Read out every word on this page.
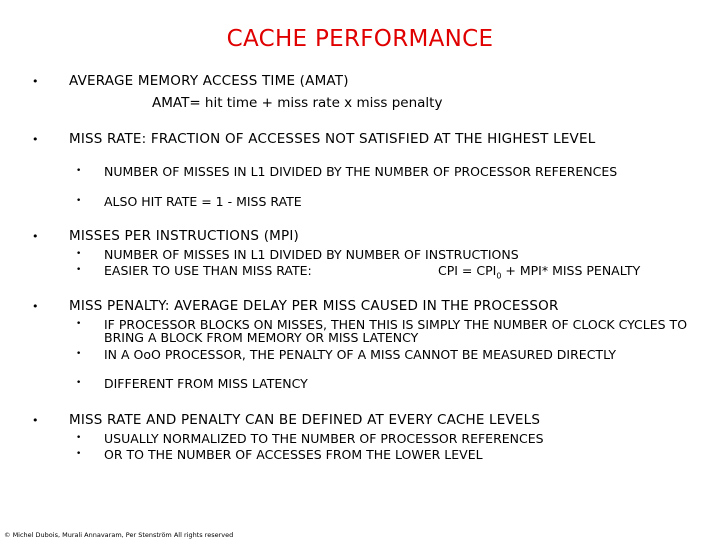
CACHE PERFORMANCE
• AVERAGE MEMORY ACCESS TIME (AMAT)
AMAT= hit time + miss rate x miss penalty
• MISS RATE: FRACTION OF ACCESSES NOT SATISFIED AT THE HIGHEST LEVEL
• NUMBER OF MISSES IN L1 DIVIDED BY THE NUMBER OF PROCESSOR REFERENCES
• ALSO HIT RATE = 1 - MISS RATE
• MISSES PER INSTRUCTIONS (MPI)
• NUMBER OF MISSES IN L1 DIVIDED BY NUMBER OF INSTRUCTIONS
• EASIER TO USE THAN MISS RATE:	CPI = $CPI_0 + MPI*$ MISS PENALTY
• MISS PENALTY: AVERAGE DELAY PER MISS CAUSED IN THE PROCESSOR
• IF PROCESSOR BLOCKS ON MISSES, THEN THIS IS SIMPLY THE NUMBER OF CLOCK CYCLES TO BRING A BLOCK FROM MEMORY OR MISS LATENCY
• IN A OoO PROCESSOR, THE PENALTY OF A MISS CANNOT BE MEASURED DIRECTLY
• DIFFERENT FROM MISS LATENCY
• MISS RATE AND PENALTY CAN BE DEFINED AT EVERY CACHE LEVELS
• USUALLY NORMALIZED TO THE NUMBER OF PROCESSOR REFERENCES
• OR TO THE NUMBER OF ACCESSES FROM THE LOWER LEVEL
© Michel Dubois, Murali Annavaram, Per Stenström All rights reserved
